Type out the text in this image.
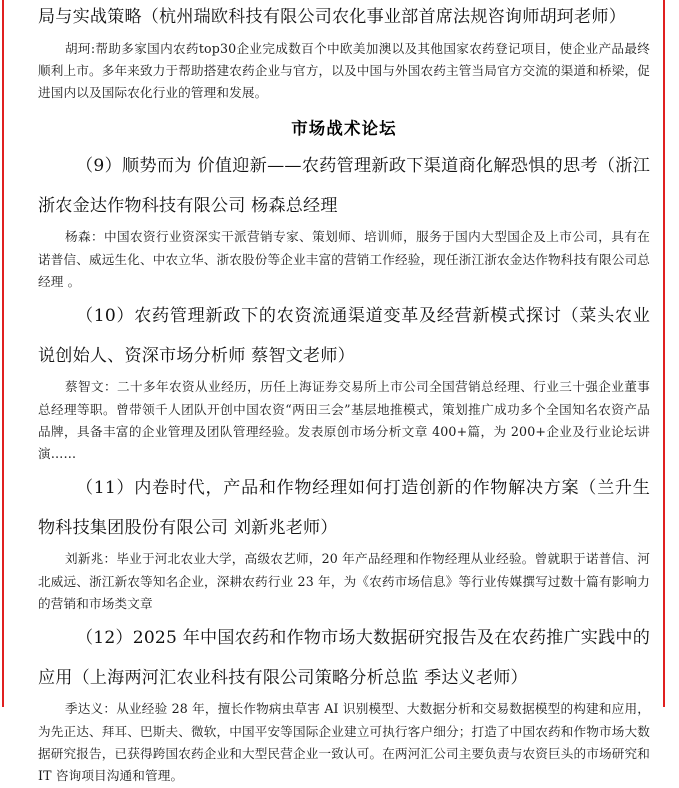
局与实战策略（杭州瑞欧科技有限公司农化事业部首席法规咨询师胡珂老师）

胡珂:帮助多家国内农药top30企业完成数百个中欧美加澳以及其他国家农药登记项目，使企业产品最终顺利上市。多年来致力于帮助搭建农药企业与官方，以及中国与外国农药主管当局官方交流的渠道和桥梁，促进国内以及国际农化行业的管理和发展。

市场战术论坛

（9）顺势而为 价值迎新——农药管理新政下渠道商化解恐惧的思考（浙江浙农金达作物科技有限公司 杨森总经理

杨森：中国农资行业资深实干派营销专家、策划师、培训师，服务于国内大型国企及上市公司，具有在诺普信、威远生化、中农立华、浙农股份等企业丰富的营销工作经验，现任浙江浙农金达作物科技有限公司总经理 。

（10）农药管理新政下的农资流通渠道变革及经营新模式探讨（菜头农业说创始人、资深市场分析师 蔡智文老师）

蔡智文：二十多年农资从业经历，历任上海证券交易所上市公司全国营销总经理、行业三十强企业董事总经理等职。曾带领千人团队开创中国农资“两田三会”基层地推模式，策划推广成功多个全国知名农资产品品牌，具备丰富的企业管理及团队管理经验。发表原创市场分析文章 400+篇，为 200+企业及行业论坛讲演……

（11）内卷时代，产品和作物经理如何打造创新的作物解决方案（兰升生物科技集团股份有限公司 刘新兆老师）

刘新兆：毕业于河北农业大学，高级农艺师，20 年产品经理和作物经理从业经验。曾就职于诺普信、河北威远、浙江新农等知名企业，深耕农药行业 23 年，为《农药市场信息》等行业传媒撰写过数十篇有影响力的营销和市场类文章

（12）2025 年中国农药和作物市场大数据研究报告及在农药推广实践中的应用（上海两河汇农业科技有限公司策略分析总监 季达义老师）

季达义：从业经验 28 年，擅长作物病虫草害 AI 识别模型、大数据分析和交易数据模型的构建和应用，为先正达、拜耳、巴斯夫、微软，中国平安等国际企业建立可执行客户细分；打造了中国农药和作物市场大数据研究报告，已获得跨国农药企业和大型民营企业一致认可。在两河汇公司主要负责与农资巨头的市场研究和 IT 咨询项目沟通和管理。
